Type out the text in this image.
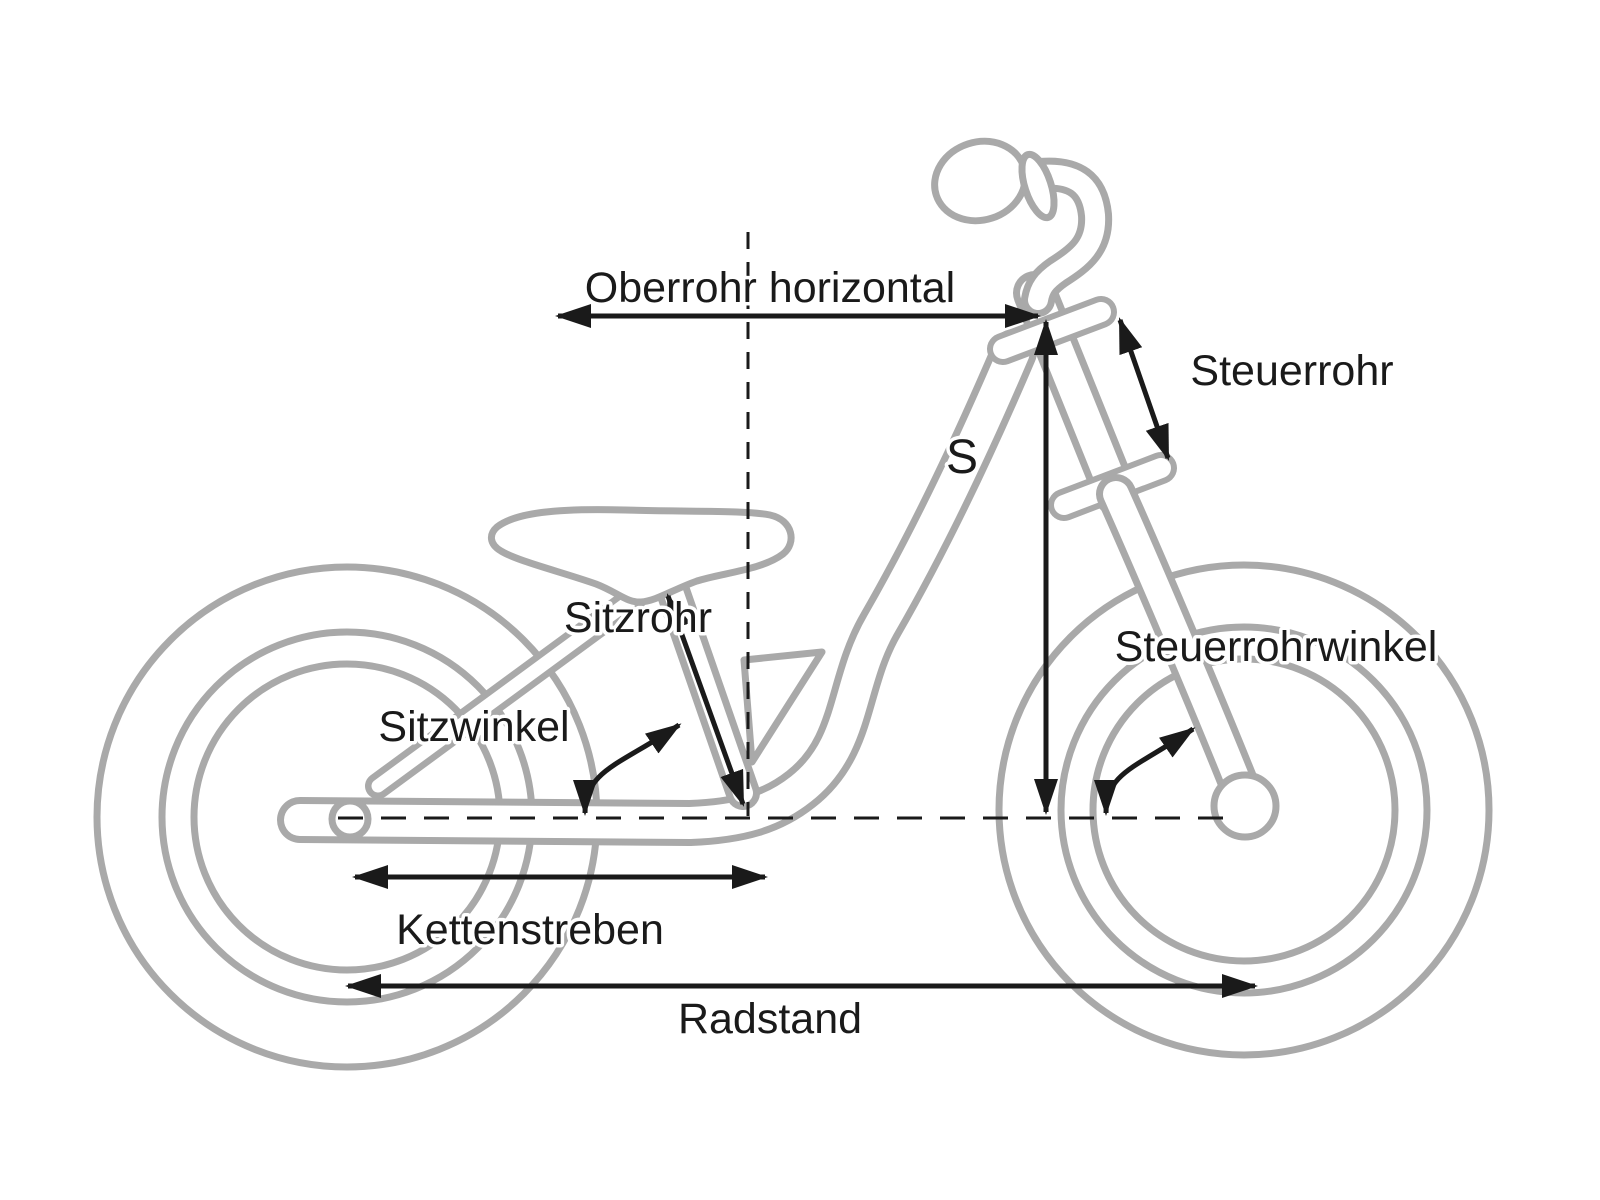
Oberrohr horizontal
Steuerrohr
S
Sitzrohr
Sitzwinkel
Steuerrohrwinkel
Kettenstreben
Radstand
